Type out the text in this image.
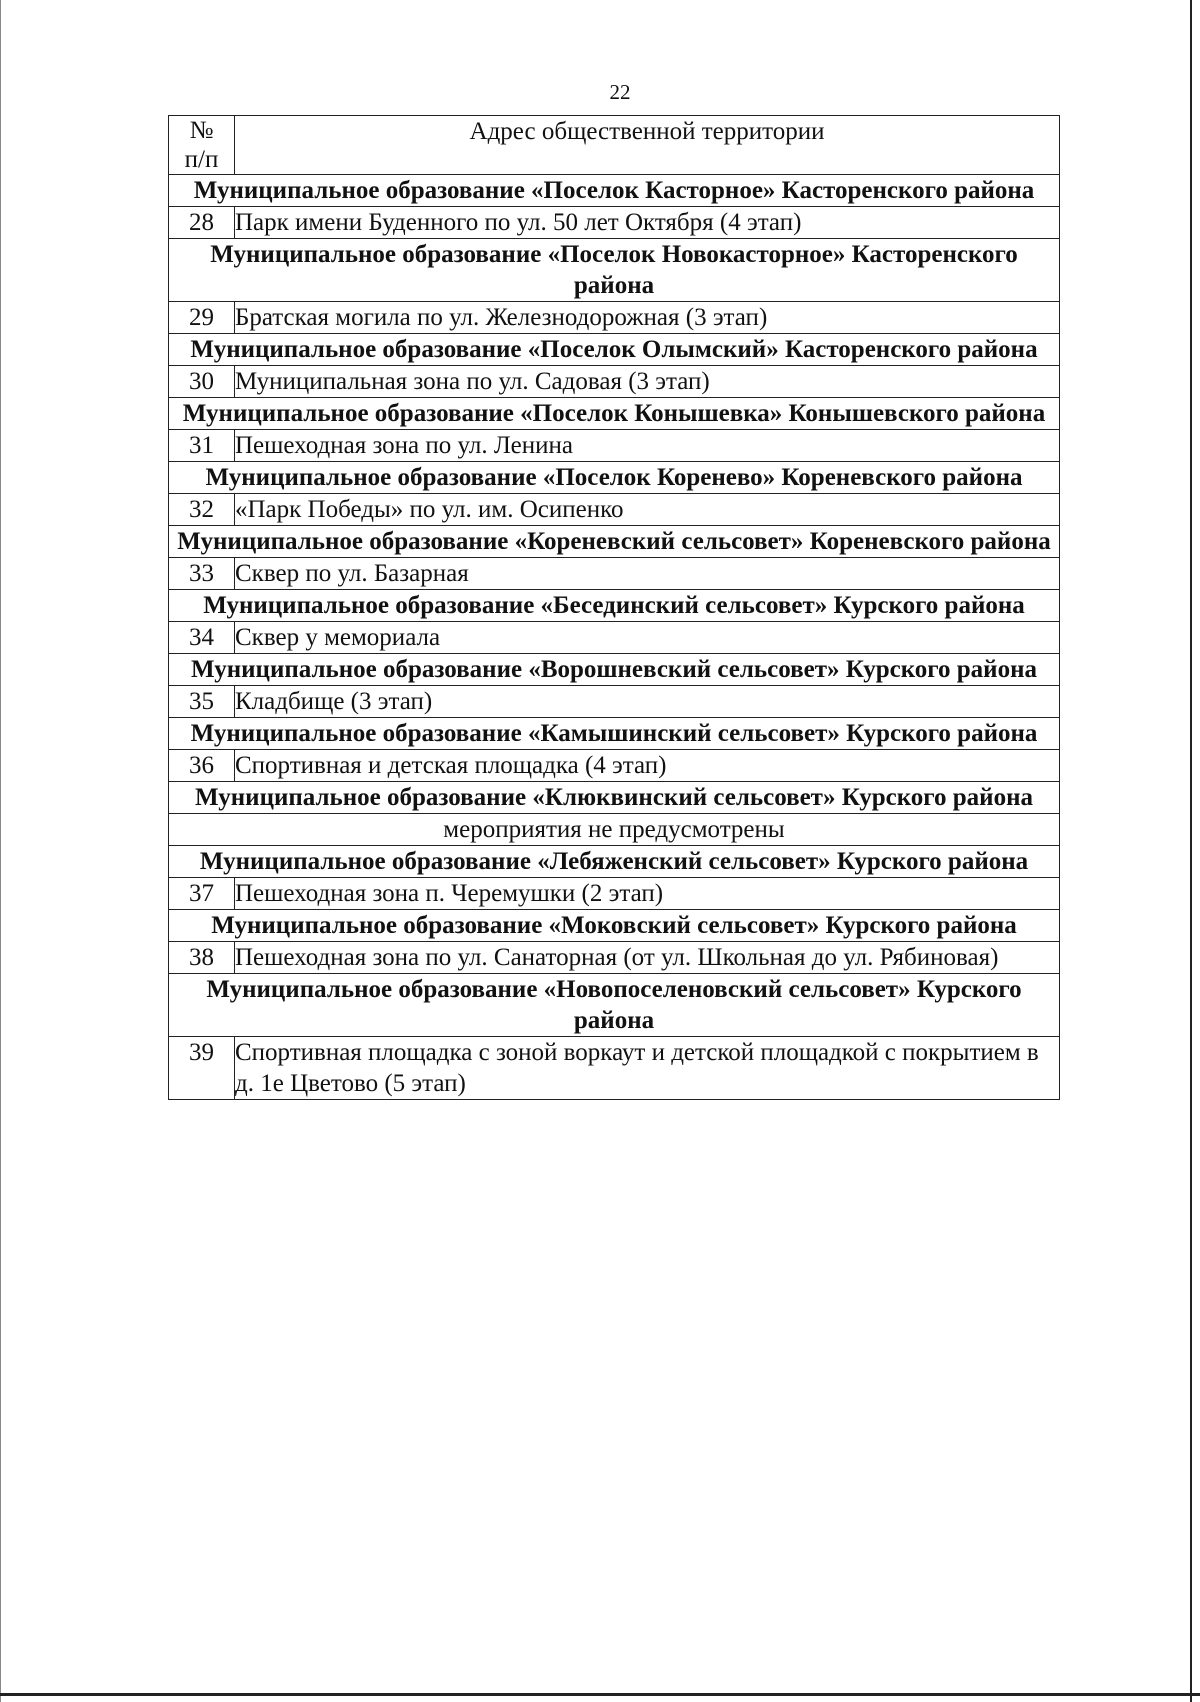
22
№
п/п	Адрес общественной территории
Муниципальное образование «Поселок Касторное» Касторенского района	
28	Парк имени Буденного по ул. 50 лет Октября (4 этап)
Муниципальное образование «Поселок Новокасторное» Касторенского района	
29	Братская могила по ул. Железнодорожная (3 этап)
Муниципальное образование «Поселок Олымский» Касторенского района	
30	Муниципальная зона по ул. Садовая (3 этап)
Муниципальное образование «Поселок Конышевка» Конышевского района	
31	Пешеходная зона по ул. Ленина
Муниципальное образование «Поселок Коренево» Кореневского района	
32	«Парк Победы» по ул. им. Осипенко
Муниципальное образование «Кореневский сельсовет» Кореневского района	
33	Сквер по ул. Базарная
Муниципальное образование «Бесединский сельсовет» Курского района	
34	Сквер у мемориала
Муниципальное образование «Ворошневский сельсовет» Курского района	
35	Кладбище (3 этап)
Муниципальное образование «Камышинский сельсовет» Курского района	
36	Спортивная и детская площадка (4 этап)
Муниципальное образование «Клюквинский сельсовет» Курского района	
мероприятия не предусмотрены	
Муниципальное образование «Лебяженский сельсовет» Курского района	
37	Пешеходная зона п. Черемушки (2 этап)
Муниципальное образование «Моковский сельсовет» Курского района	
38	Пешеходная зона по ул. Санаторная (от ул. Школьная до ул. Рябиновая)
Муниципальное образование «Новопоселеновский сельсовет» Курского района	
39	Спортивная площадка с зоной воркаут и детской площадкой с покрытием в д. 1е Цветово (5 этап)
